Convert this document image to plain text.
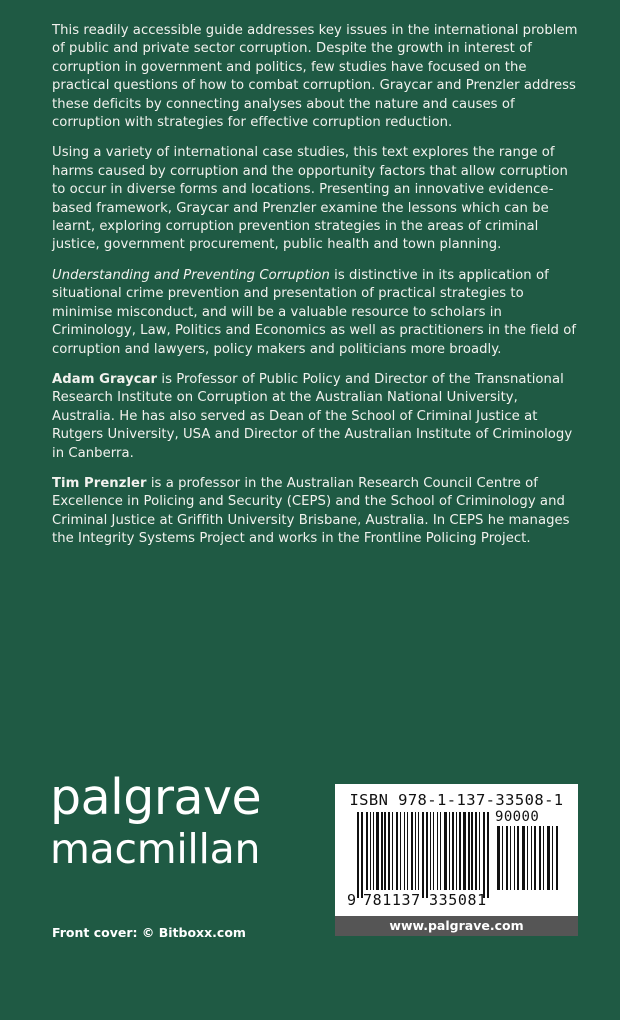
This readily accessible guide addresses key issues in the international problem of public and private sector corruption. Despite the growth in interest of corruption in government and politics, few studies have focused on the practical questions of how to combat corruption. Graycar and Prenzler address these deficits by connecting analyses about the nature and causes of corruption with strategies for effective corruption reduction.

Using a variety of international case studies, this text explores the range of harms caused by corruption and the opportunity factors that allow corruption to occur in diverse forms and locations. Presenting an innovative evidence-based framework, Graycar and Prenzler examine the lessons which can be learnt, exploring corruption prevention strategies in the areas of criminal justice, government procurement, public health and town planning.

Understanding and Preventing Corruption is distinctive in its application of situational crime prevention and presentation of practical strategies to minimise misconduct, and will be a valuable resource to scholars in Criminology, Law, Politics and Economics as well as practitioners in the field of corruption and lawyers, policy makers and politicians more broadly.

Adam Graycar is Professor of Public Policy and Director of the Transnational Research Institute on Corruption at the Australian National University, Australia. He has also served as Dean of the School of Criminal Justice at Rutgers University, USA and Director of the Australian Institute of Criminology in Canberra.

Tim Prenzler is a professor in the Australian Research Council Centre of Excellence in Policing and Security (CEPS) and the School of Criminology and Criminal Justice at Griffith University Brisbane, Australia. In CEPS he manages the Integrity Systems Project and works in the Frontline Policing Project.

palgrave
macmillan
Front cover: © Bitboxx.com
ISBN 978-1-137-33508-1
90000
9 781137 335081
www.palgrave.com
